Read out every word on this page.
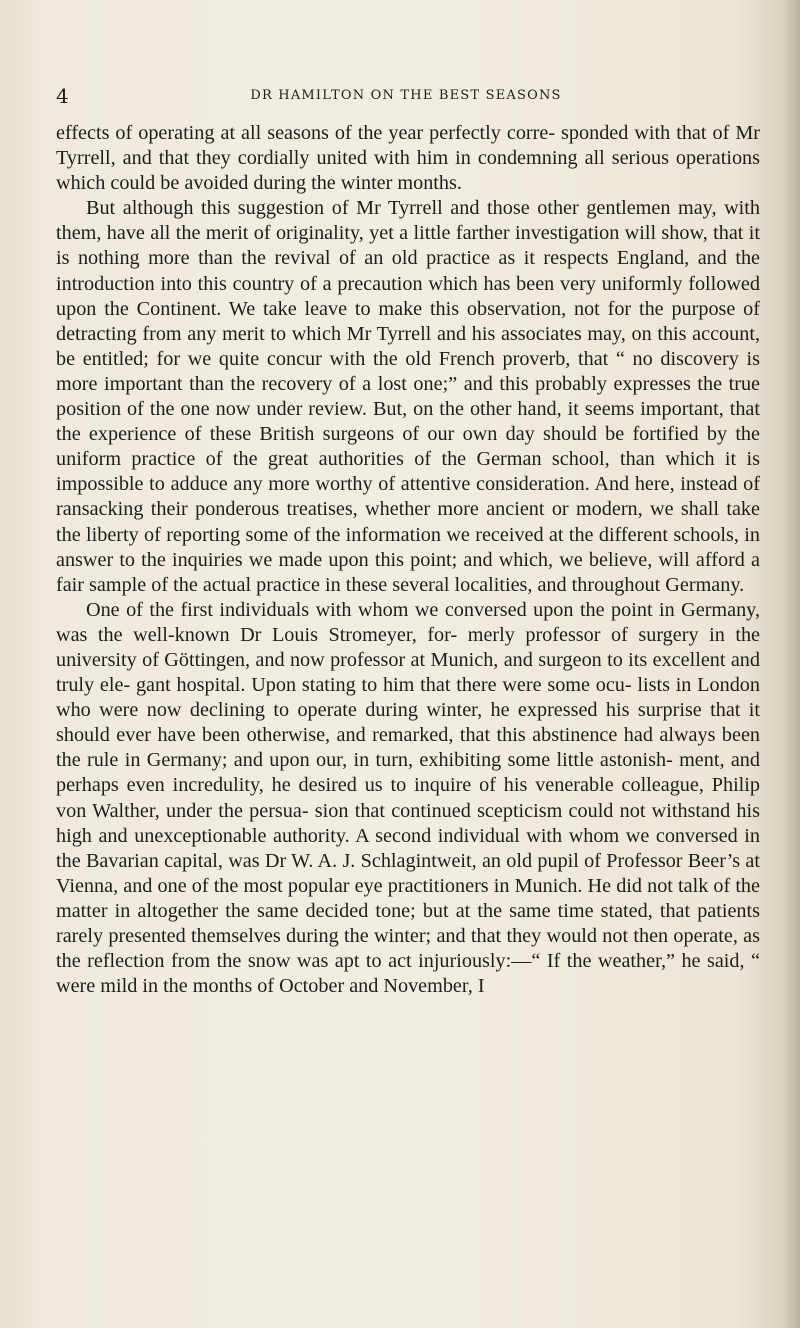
4	DR HAMILTON ON THE BEST SEASONS

effects of operating at all seasons of the year perfectly corre- sponded with that of Mr Tyrrell, and that they cordially united with him in condemning all serious operations which could be avoided during the winter months.

But although this suggestion of Mr Tyrrell and those other gentlemen may, with them, have all the merit of originality, yet a little farther investigation will show, that it is nothing more than the revival of an old practice as it respects England, and the introduction into this country of a precaution which has been very uniformly followed upon the Continent. We take leave to make this observation, not for the purpose of detracting from any merit to which Mr Tyrrell and his associates may, on this account, be entitled; for we quite concur with the old French proverb, that “ no discovery is more important than the recovery of a lost one;” and this probably expresses the true position of the one now under review. But, on the other hand, it seems important, that the experience of these British surgeons of our own day should be fortified by the uniform practice of the great authorities of the German school, than which it is impossible to adduce any more worthy of attentive consideration. And here, instead of ransacking their ponderous treatises, whether more ancient or modern, we shall take the liberty of reporting some of the information we received at the different schools, in answer to the inquiries we made upon this point; and which, we believe, will afford a fair sample of the actual practice in these several localities, and throughout Germany.

One of the first individuals with whom we conversed upon the point in Germany, was the well-known Dr Louis Stromeyer, for- merly professor of surgery in the university of Göttingen, and now professor at Munich, and surgeon to its excellent and truly ele- gant hospital. Upon stating to him that there were some ocu- lists in London who were now declining to operate during winter, he expressed his surprise that it should ever have been otherwise, and remarked, that this abstinence had always been the rule in Germany; and upon our, in turn, exhibiting some little astonish- ment, and perhaps even incredulity, he desired us to inquire of his venerable colleague, Philip von Walther, under the persua- sion that continued scepticism could not withstand his high and unexceptionable authority. A second individual with whom we conversed in the Bavarian capital, was Dr W. A. J. Schlagintweit, an old pupil of Professor Beer’s at Vienna, and one of the most popular eye practitioners in Munich. He did not talk of the matter in altogether the same decided tone; but at the same time stated, that patients rarely presented themselves during the winter; and that they would not then operate, as the reflection from the snow was apt to act injuriously:—“ If the weather,” he said, “ were mild in the months of October and November, I
